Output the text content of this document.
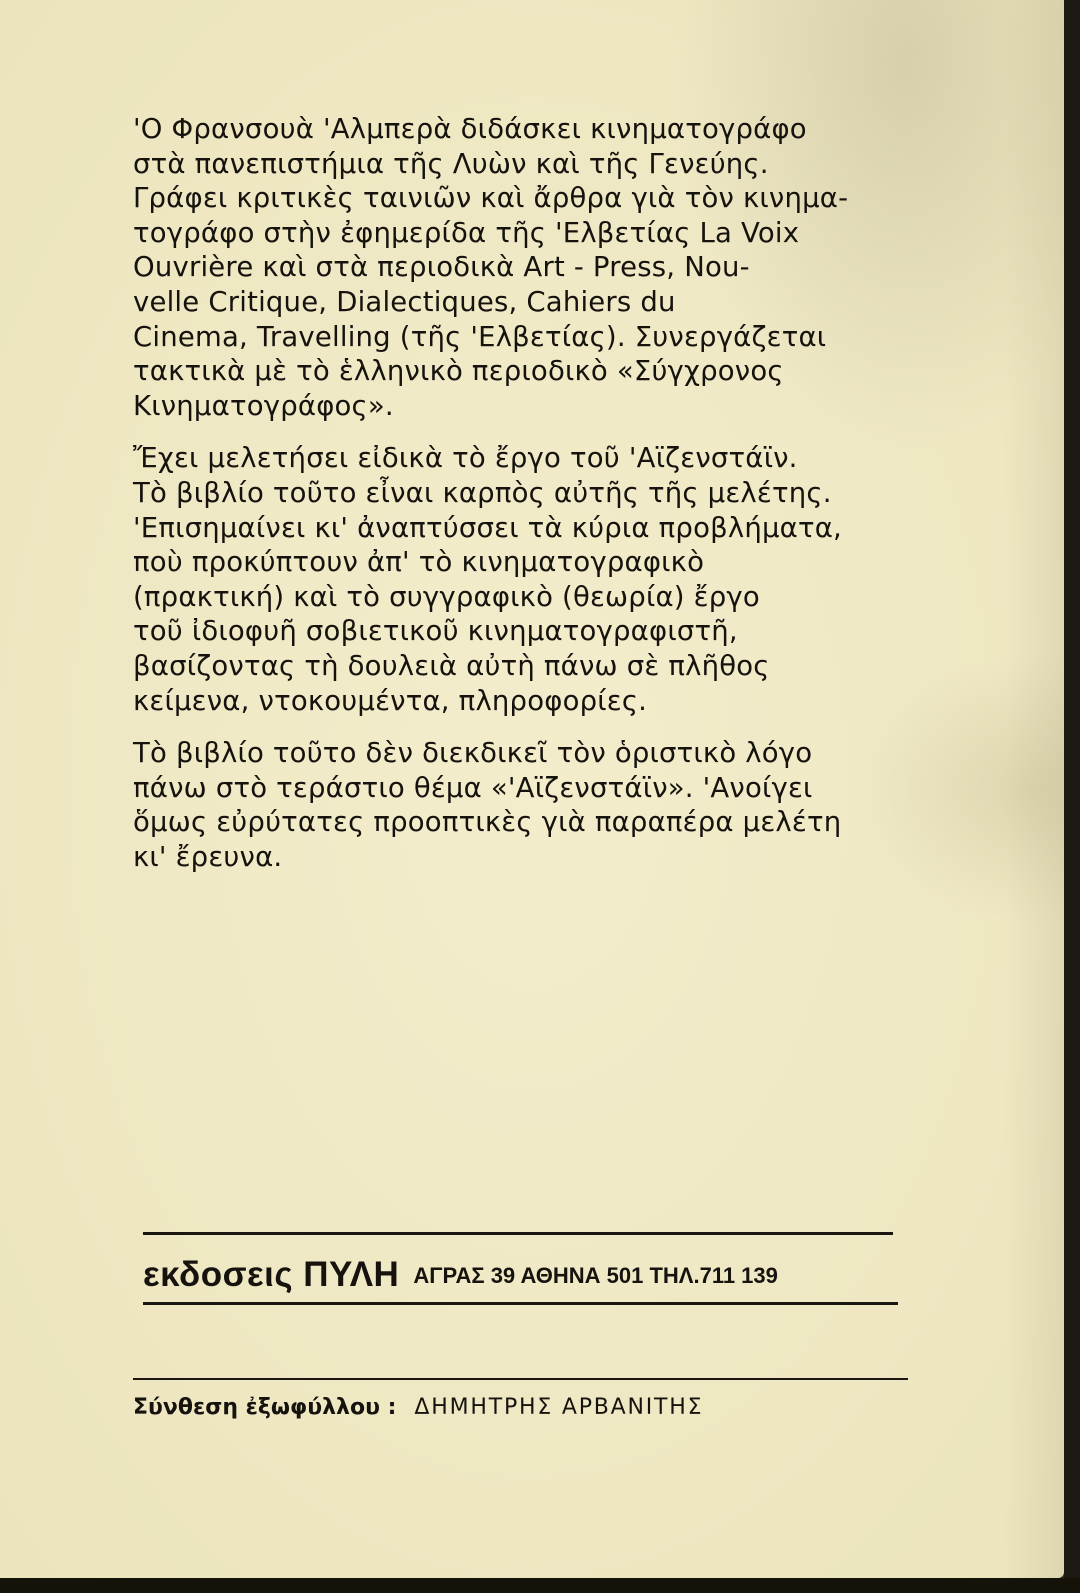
'Ο Φρανσουὰ 'Αλμπερὰ διδάσκει κινηματογράφο
στὰ πανεπιστήμια τῆς Λυὼν καὶ τῆς Γενεύης.
Γράφει κριτικὲς ταινιῶν καὶ ἄρθρα γιὰ τὸν κινημα-
τογράφο στὴν ἐφημερίδα τῆς 'Ελβετίας La Voix
Ouvrière καὶ στὰ περιοδικὰ Art - Press, Nou-
velle Critique, Dialectiques, Cahiers du
Cinema, Travelling (τῆς 'Ελβετίας). Συνεργάζεται
τακτικὰ μὲ τὸ ἑλληνικὸ περιοδικὸ «Σύγχρονος
Κινηματογράφος».

Ἔχει μελετήσει εἰδικὰ τὸ ἔργο τοῦ 'Αϊζενστάϊν.
Τὸ βιβλίο τοῦτο εἶναι καρπὸς αὐτῆς τῆς μελέτης.
'Επισημαίνει κι' ἀναπτύσσει τὰ κύρια προβλήματα,
ποὺ προκύπτουν ἀπ' τὸ κινηματογραφικὸ
(πρακτική) καὶ τὸ συγγραφικὸ (θεωρία) ἔργο
τοῦ ἰδιοφυῆ σοβιετικοῦ κινηματογραφιστῆ,
βασίζοντας τὴ δουλειὰ αὐτὴ πάνω σὲ πλῆθος
κείμενα, ντοκουμέντα, πληροφορίες.

Τὸ βιβλίο τοῦτο δὲν διεκδικεῖ τὸν ὁριστικὸ λόγο
πάνω στὸ τεράστιο θέμα «'Αϊζενστάϊν». 'Ανοίγει
ὅμως εὐρύτατες προοπτικὲς γιὰ παραπέρα μελέτη
κι' ἔρευνα.

εκδοσεις ΠΥΛΗ ΑΓΡΑΣ 39 ΑΘΗΝΑ 501 ΤΗΛ.711 139
Σύνθεση ἐξωφύλλου : ΔΗΜΗΤΡΗΣ ΑΡΒΑΝΙΤΗΣ
